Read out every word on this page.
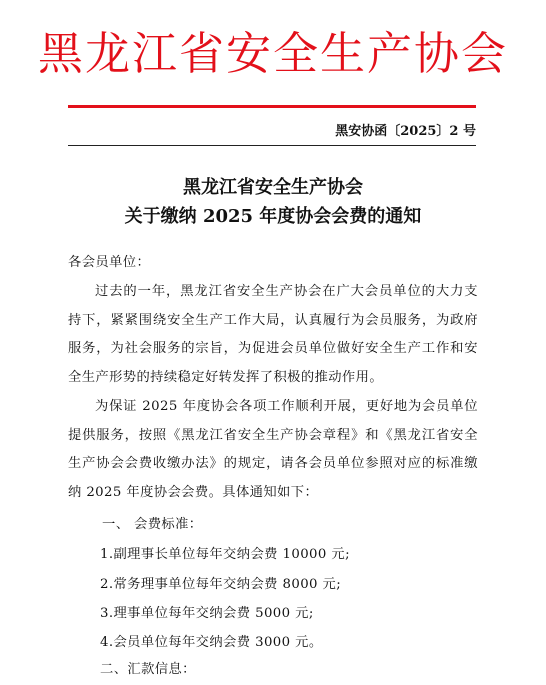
黑龙江省安全生产协会
黑安协函〔2025〕2 号
黑龙江省安全生产协会
关于缴纳 2025 年度协会会费的通知
各会员单位：
过去的一年，黑龙江省安全生产协会在广大会员单位的大力支持下，紧紧围绕安全生产工作大局，认真履行为会员服务，为政府服务，为社会服务的宗旨，为促进会员单位做好安全生产工作和安全生产形势的持续稳定好转发挥了积极的推动作用。
为保证 2025 年度协会各项工作顺利开展，更好地为会员单位提供服务，按照《黑龙江省安全生产协会章程》和《黑龙江省安全生产协会会费收缴办法》的规定，请各会员单位参照对应的标准缴纳 2025 年度协会会费。具体通知如下：
一、 会费标准：
1.副理事长单位每年交纳会费 10000 元;
2.常务理事单位每年交纳会费 8000 元;
3.理事单位每年交纳会费 5000 元;
4.会员单位每年交纳会费 3000 元。
二、汇款信息：
